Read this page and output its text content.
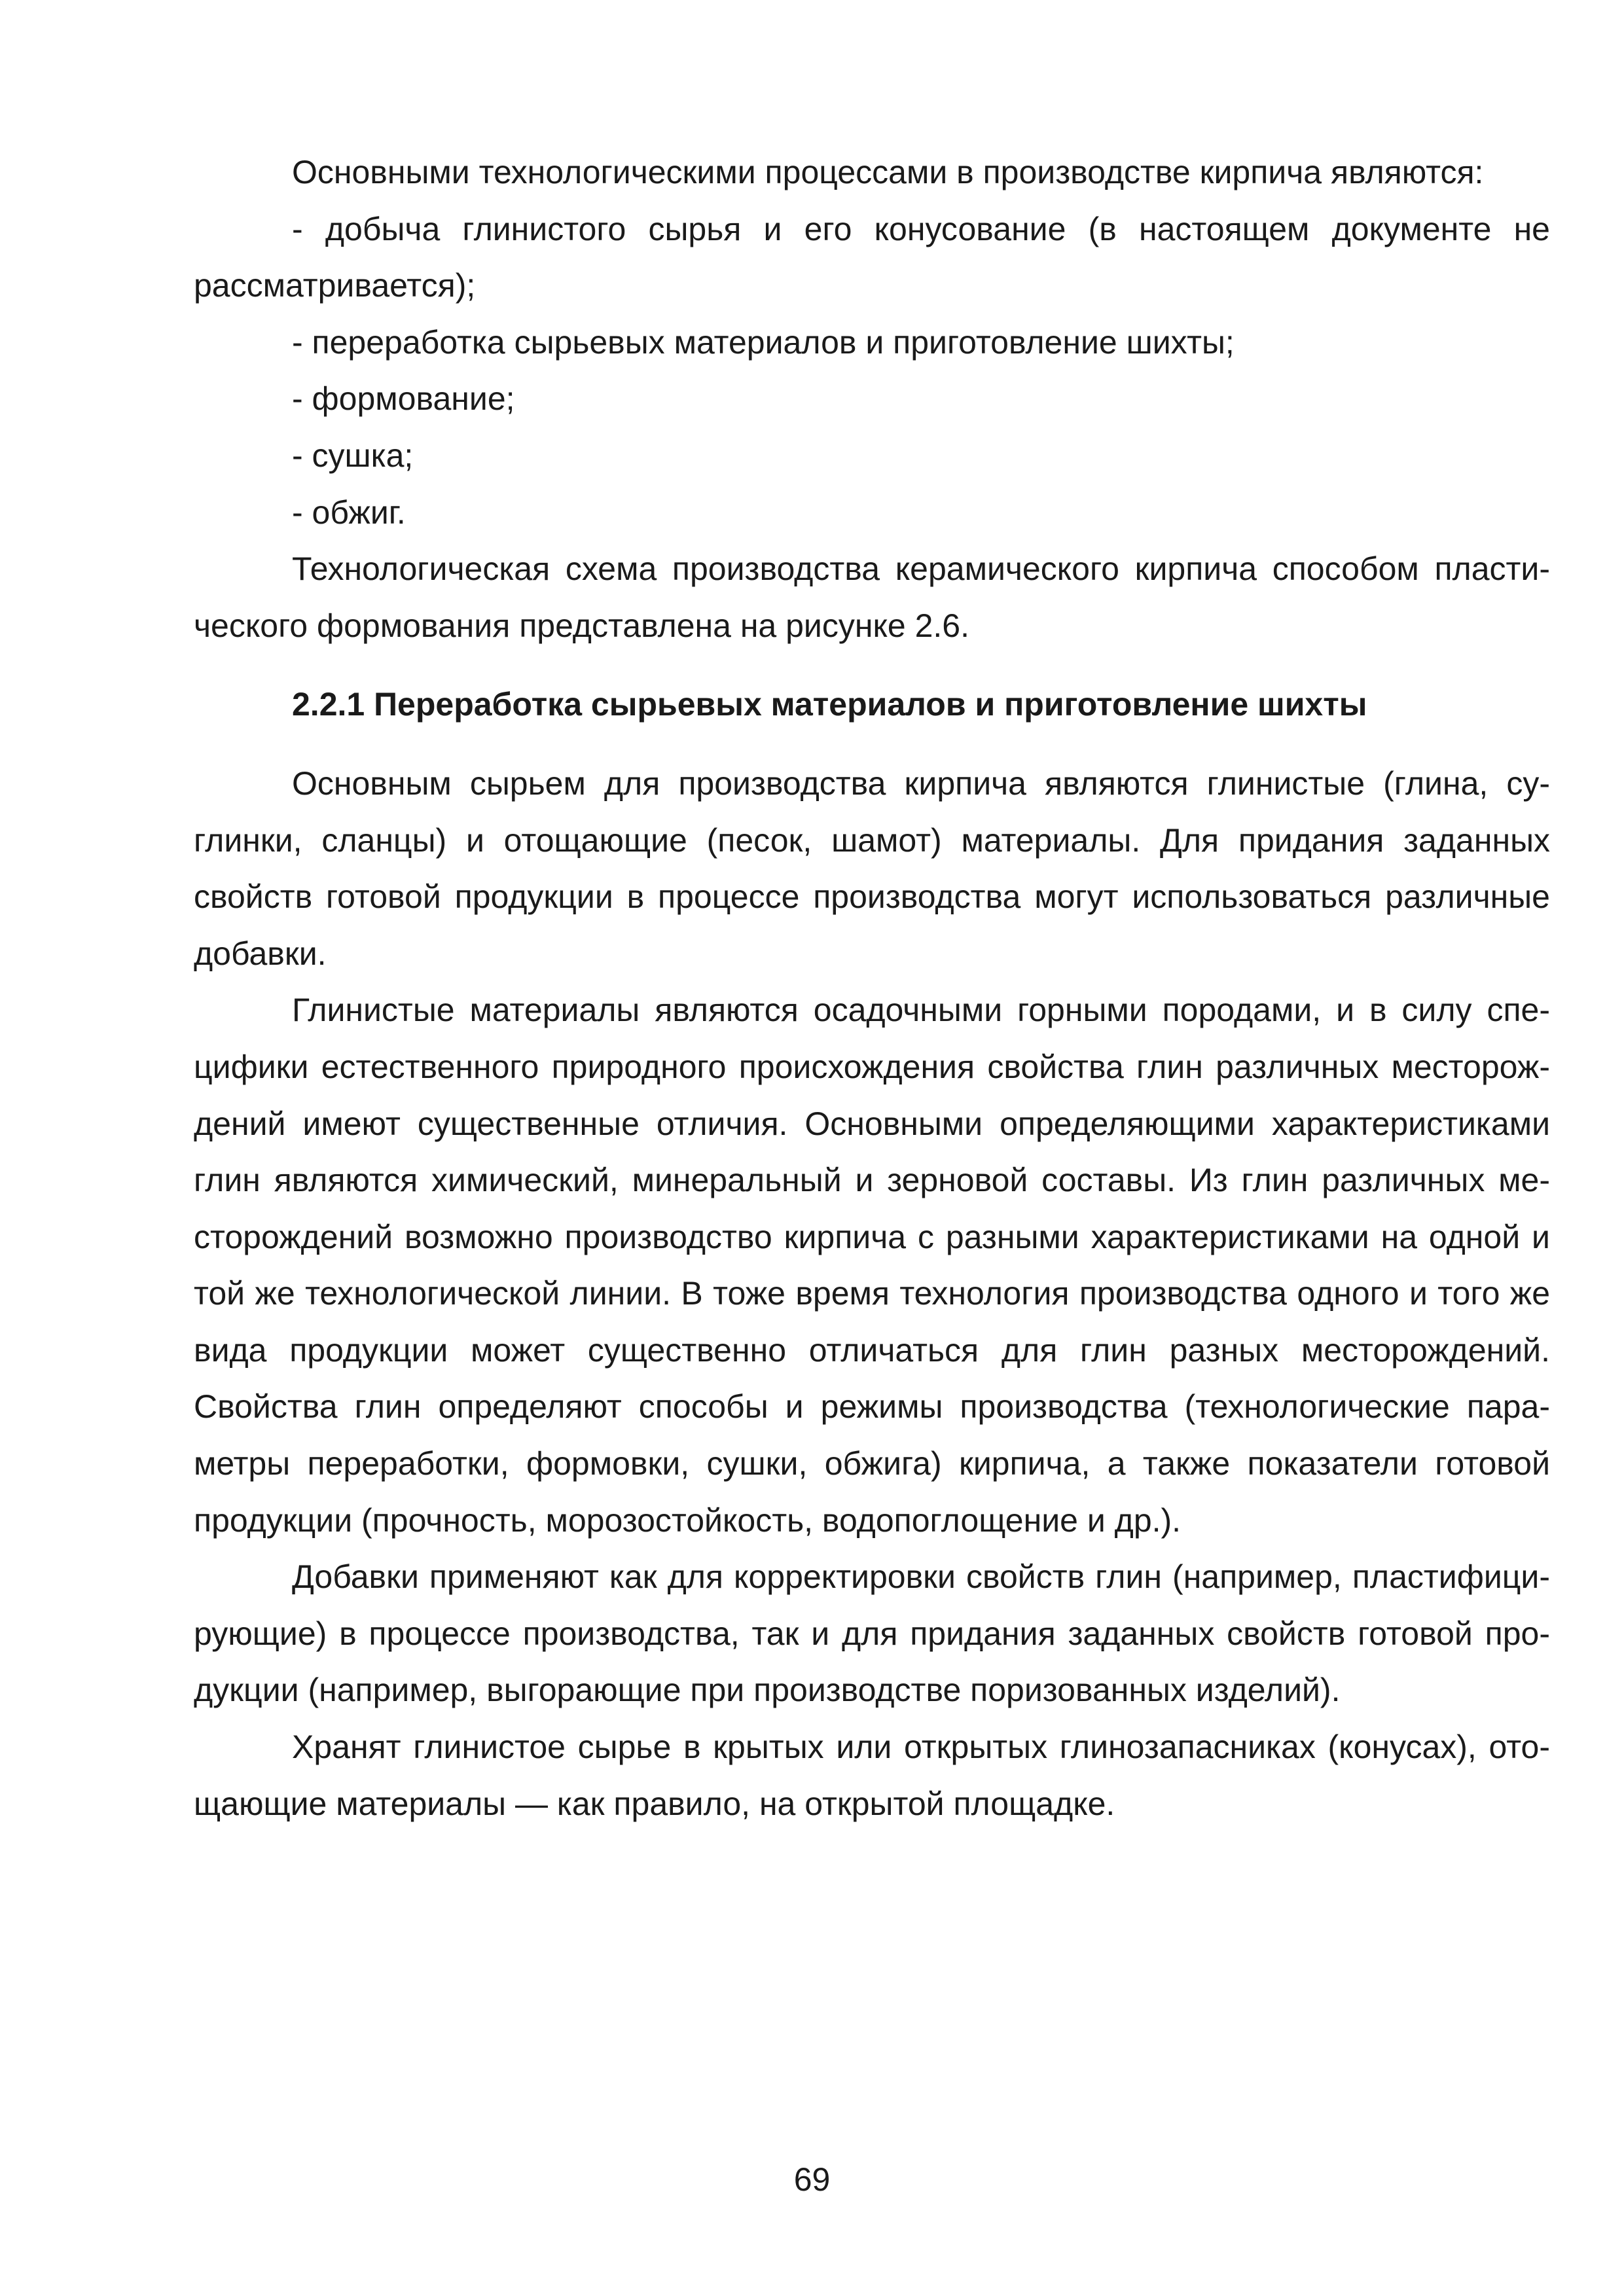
Основными технологическими процессами в производстве кирпича являются:

- добыча глинистого сырья и его конусование (в настоящем документе не рассматривается);

- переработка сырьевых материалов и приготовление шихты;

- формование;

- сушка;

- обжиг.

Технологическая схема производства керамического кирпича способом пластического формования представлена на рисунке 2.6.

2.2.1 Переработка сырьевых материалов и приготовление шихты

Основным сырьем для производства кирпича являются глинистые (глина, суглинки, сланцы) и отощающие (песок, шамот) материалы. Для придания заданных свойств готовой продукции в процессе производства могут использоваться различные добавки.

Глинистые материалы являются осадочными горными породами, и в силу специфики естественного природного происхождения свойства глин различных месторождений имеют существенные отличия. Основными определяющими характеристиками глин являются химический, минеральный и зерновой составы. Из глин различных месторождений возможно производство кирпича с разными характеристиками на одной и той же технологической линии. В тоже время технология производства одного и того же вида продукции может существенно отличаться для глин разных месторождений. Свойства глин определяют способы и режимы производства (технологические параметры переработки, формовки, сушки, обжига) кирпича, а также показатели готовой продукции (прочность, морозостойкость, водопоглощение и др.).

Добавки применяют как для корректировки свойств глин (например, пластифицирующие) в процессе производства, так и для придания заданных свойств готовой продукции (например, выгорающие при производстве поризованных изделий).

Хранят глинистое сырье в крытых или открытых глинозапасниках (конусах), отощающие материалы — как правило, на открытой площадке.

69
